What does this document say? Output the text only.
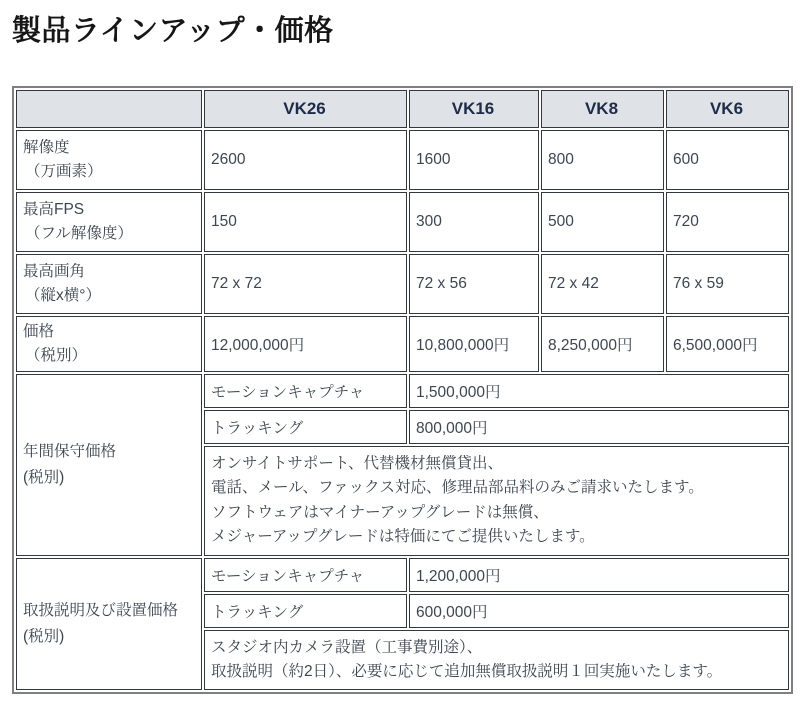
製品ラインアップ・価格
	VK26	VK16	VK8	VK6

解像度
（万画素）	2600	1600	800	600

最高FPS
（フル解像度）	150	300	500	720

最高画角
（縦x横°）	72 x 72	72 x 56	72 x 42	76 x 59

価格
（税別）	12,000,000円	10,800,000円	8,250,000円	6,500,000円

年間保守価格
(税別)	モーションキャプチャ	1,500,000円		
	トラッキング	800,000円		

	オンサイトサポート、代替機材無償貸出、
電話、メール、ファックス対応、修理品部品料のみご請求いたします。
ソフトウェアはマイナーアップグレードは無償、
メジャーアップグレードは特価にてご提供いたします。			

取扱説明及び設置価格
(税別)	モーションキャプチャ	1,200,000円		
	トラッキング	600,000円		

	スタジオ内カメラ設置（工事費別途）、
取扱説明（約2日）、必要に応じて追加無償取扱説明１回実施いたします。			
